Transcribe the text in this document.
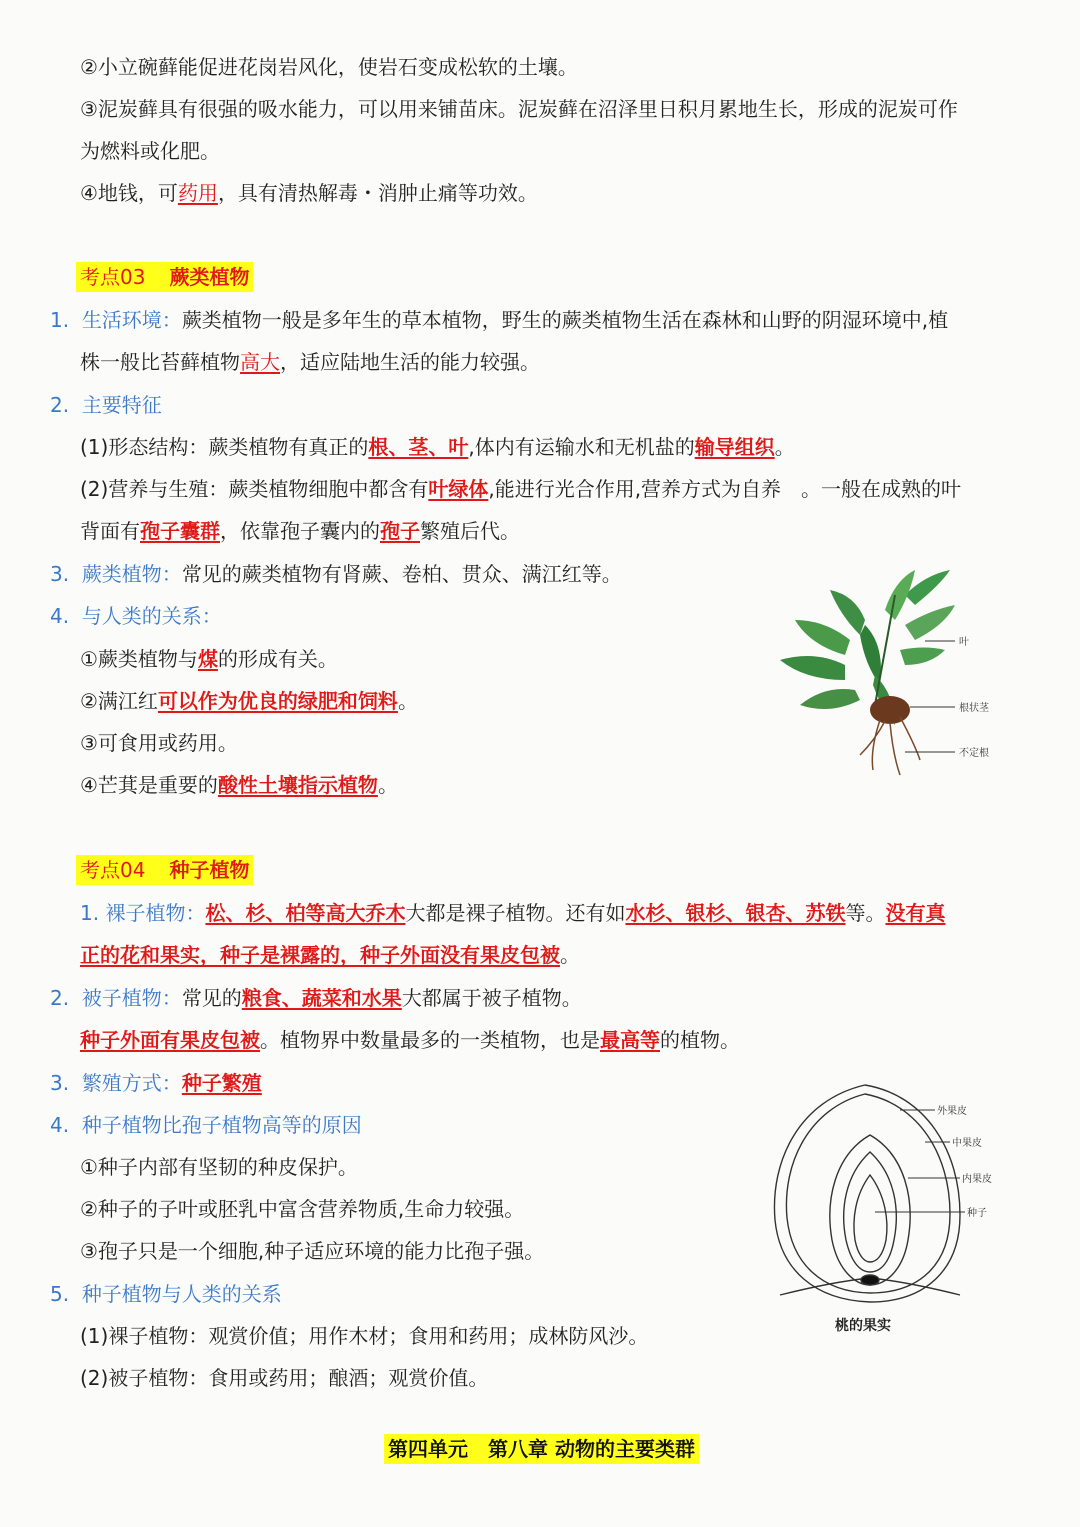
②小立碗藓能促进花岗岩风化，使岩石变成松软的土壤。
③泥炭藓具有很强的吸水能力，可以用来铺苗床。泥炭藓在沼泽里日积月累地生长，形成的泥炭可作
为燃料或化肥。
④地钱，可药用，具有清热解毒・消肿止痛等功效。
考点03 蕨类植物
1. 生活环境：蕨类植物一般是多年生的草本植物，野生的蕨类植物生活在森林和山野的阴湿环境中,植
株一般比苔藓植物高大，适应陆地生活的能力较强。
2. 主要特征
(1)形态结构：蕨类植物有真正的根、茎、叶,体内有运输水和无机盐的输导组织。
(2)营养与生殖：蕨类植物细胞中都含有叶绿体,能进行光合作用,营养方式为自养　。一般在成熟的叶
背面有孢子囊群，依靠孢子囊内的孢子繁殖后代。
3. 蕨类植物：常见的蕨类植物有肾蕨、卷柏、贯众、满江红等。
4. 与人类的关系：
①蕨类植物与煤的形成有关。
②满江红可以作为优良的绿肥和饲料。
③可食用或药用。
④芒萁是重要的酸性土壤指示植物。
叶
根状茎
不定根
考点04 种子植物
1. 裸子植物：松、杉、柏等高大乔木大都是裸子植物。还有如水杉、银杉、银杏、苏铁等。没有真
正的花和果实，种子是裸露的，种子外面没有果皮包被。
2. 被子植物：常见的粮食、蔬菜和水果大都属于被子植物。
种子外面有果皮包被。植物界中数量最多的一类植物，也是最高等的植物。
3. 繁殖方式：种子繁殖
4. 种子植物比孢子植物高等的原因
①种子内部有坚韧的种皮保护。
②种子的子叶或胚乳中富含营养物质,生命力较强。
③孢子只是一个细胞,种子适应环境的能力比孢子强。
5. 种子植物与人类的关系
(1)裸子植物：观赏价值；用作木材；食用和药用；成林防风沙。
(2)被子植物：食用或药用；酿酒；观赏价值。
外果皮
中果皮
内果皮
种子
桃的果实
第四单元　第八章 动物的主要类群
